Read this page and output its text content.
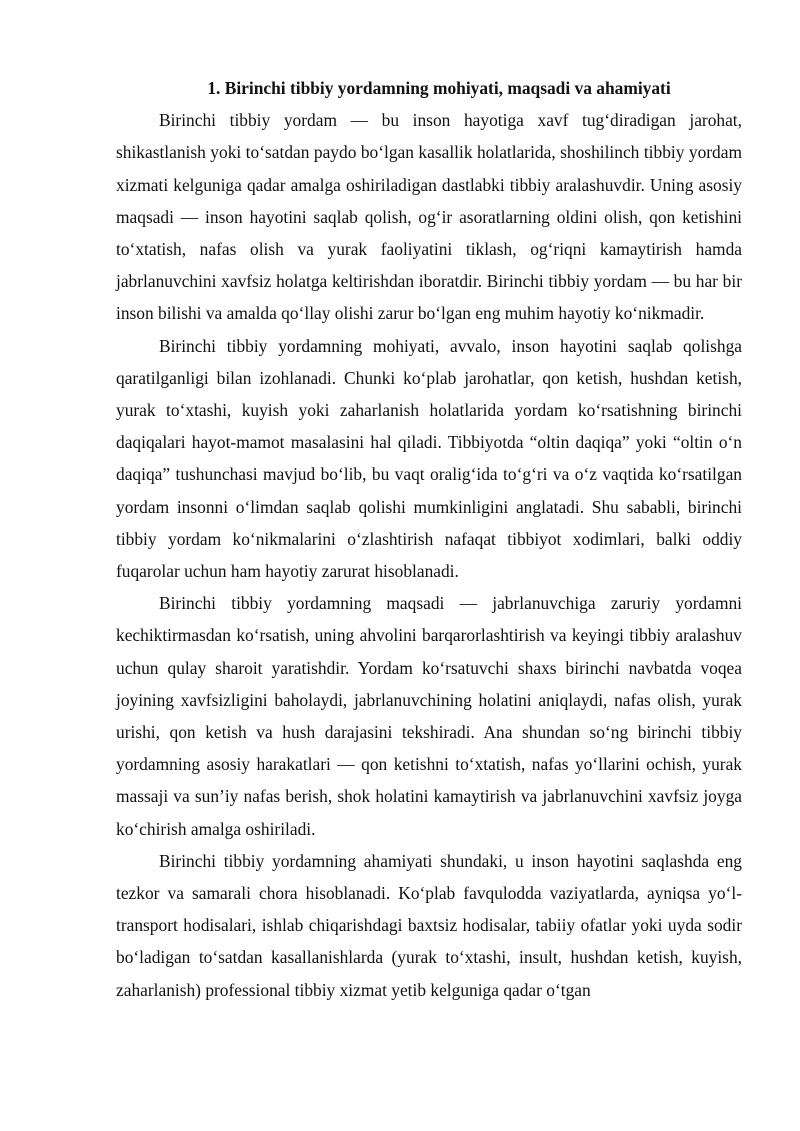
1. Birinchi tibbiy yordamning mohiyati, maqsadi va ahamiyati

Birinchi tibbiy yordam — bu inson hayotiga xavf tug‘diradigan jarohat, shikastlanish yoki to‘satdan paydo bo‘lgan kasallik holatlarida, shoshilinch tibbiy yordam xizmati kelguniga qadar amalga oshiriladigan dastlabki tibbiy aralashuvdir. Uning asosiy maqsadi — inson hayotini saqlab qolish, og‘ir asoratlarning oldini olish, qon ketishini to‘xtatish, nafas olish va yurak faoliyatini tiklash, og‘riqni kamaytirish hamda jabrlanuvchini xavfsiz holatga keltirishdan iboratdir. Birinchi tibbiy yordam — bu har bir inson bilishi va amalda qo‘llay olishi zarur bo‘lgan eng muhim hayotiy ko‘nikmadir.

Birinchi tibbiy yordamning mohiyati, avvalo, inson hayotini saqlab qolishga qaratilganligi bilan izohlanadi. Chunki ko‘plab jarohatlar, qon ketish, hushdan ketish, yurak to‘xtashi, kuyish yoki zaharlanish holatlarida yordam ko‘rsatishning birinchi daqiqalari hayot-mamot masalasini hal qiladi. Tibbiyotda “oltin daqiqa” yoki “oltin o‘n daqiqa” tushunchasi mavjud bo‘lib, bu vaqt oralig‘ida to‘g‘ri va o‘z vaqtida ko‘rsatilgan yordam insonni o‘limdan saqlab qolishi mumkinligini anglatadi. Shu sababli, birinchi tibbiy yordam ko‘nikmalarini o‘zlashtirish nafaqat tibbiyot xodimlari, balki oddiy fuqarolar uchun ham hayotiy zarurat hisoblanadi.

Birinchi tibbiy yordamning maqsadi — jabrlanuvchiga zaruriy yordamni kechiktirmasdan ko‘rsatish, uning ahvolini barqarorlashtirish va keyingi tibbiy aralashuv uchun qulay sharoit yaratishdir. Yordam ko‘rsatuvchi shaxs birinchi navbatda voqea joyining xavfsizligini baholaydi, jabrlanuvchining holatini aniqlaydi, nafas olish, yurak urishi, qon ketish va hush darajasini tekshiradi. Ana shundan so‘ng birinchi tibbiy yordamning asosiy harakatlari — qon ketishni to‘xtatish, nafas yo‘llarini ochish, yurak massaji va sun’iy nafas berish, shok holatini kamaytirish va jabrlanuvchini xavfsiz joyga ko‘chirish amalga oshiriladi.

Birinchi tibbiy yordamning ahamiyati shundaki, u inson hayotini saqlashda eng tezkor va samarali chora hisoblanadi. Ko‘plab favqulodda vaziyatlarda, ayniqsa yo‘l-transport hodisalari, ishlab chiqarishdagi baxtsiz hodisalar, tabiiy ofatlar yoki uyda sodir bo‘ladigan to‘satdan kasallanishlarda (yurak to‘xtashi, insult, hushdan ketish, kuyish, zaharlanish) professional tibbiy xizmat yetib kelguniga qadar o‘tgan
